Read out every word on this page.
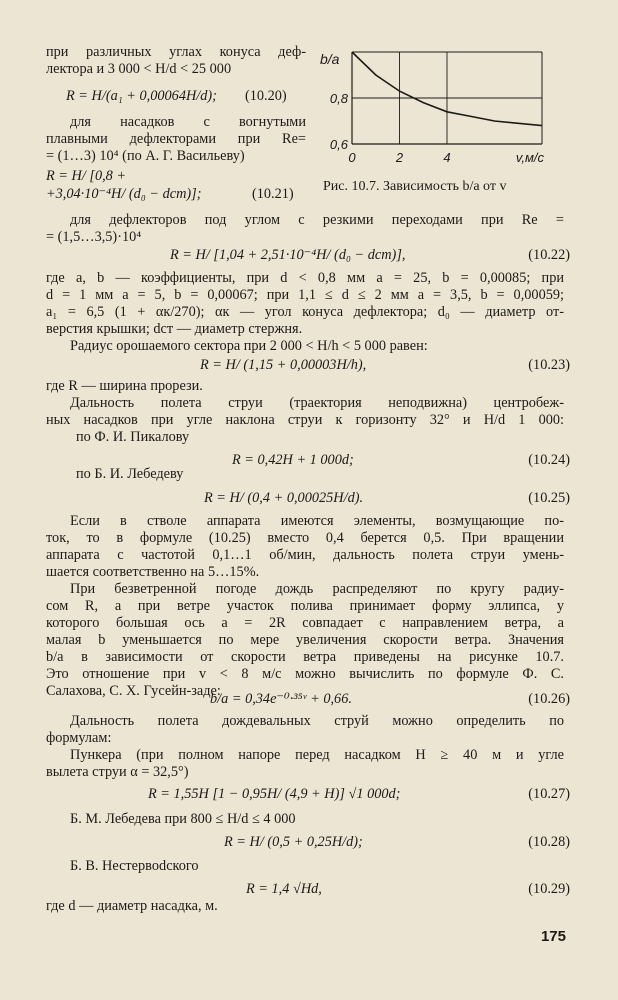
при различных углах конуса деф-
лектора и 3 000 < H/d < 25 000
R = H/(a₁ + 0,00064H/d); (10.20)
для насадков с вогнутыми
плавными дефлекторами при Re=
= (1…3) 10⁴ (по А. Г. Васильеву)
R = H/ [0,8 +
+3,04·10⁻⁴H/ (d₀ − dст)];	(10.21)
0,8
0,6
0	2	4
b/a
v,м/с
Рис. 10.7. Зависимость b/a от v
для дефлекторов под углом с резкими переходами при Re =
= (1,5…3,5)·10⁴
R = H/ [1,04 + 2,51·10⁻⁴H/ (d₀ − dст)],	(10.22)
где a, b — коэффициенты, при d < 0,8 мм a = 25, b = 0,00085; при
d = 1 мм a = 5, b = 0,00067; при 1,1 ≤ d ≤ 2 мм a = 3,5, b = 0,00059;
a₁ = 6,5 (1 + αк/270); αк — угол конуса дефлектора; d₀ — диаметр от-
верстия крышки; dст — диаметр стержня.
Радиус орошаемого сектора при 2 000 < H/h < 5 000 равен:
R = H/ (1,15 + 0,00003H/h),	(10.23)
где R — ширина прорези.
Дальность полета струи (траектория неподвижна) центробеж-
ных насадков при угле наклона струи к горизонту 32° и H/d 1 000:
по Ф. И. Пикалову
R = 0,42H + 1 000d;	(10.24)
по Б. И. Лебедеву
R = H/ (0,4 + 0,00025H/d).	(10.25)
Если в стволе аппарата имеются элементы, возмущающие по-
ток, то в формуле (10.25) вместо 0,4 берется 0,5. При вращении
аппарата с частотой 0,1…1 об/мин, дальность полета струи умень-
шается соответственно на 5…15%.
При безветренной погоде дождь распределяют по кругу радиу-
сом R, а при ветре участок полива принимает форму эллипса, у
которого большая ось a = 2R совпадает с направлением ветра, а
малая b уменьшается по мере увеличения скорости ветра. Значения
b/a в зависимости от скорости ветра приведены на рисунке 10.7.
Это отношение при v < 8 м/с можно вычислить по формуле Ф. С.
Салахова, С. Х. Гусейн-заде:
b/a = 0,34e⁻⁰·³⁵ᵛ + 0,66.	(10.26)
Дальность полета дождевальных струй можно определить по
формулам:
Пункера (при полном напоре перед насадком H ≥ 40 м и угле
вылета струи α = 32,5°)
R = 1,55H [1 − 0,95H/ (4,9 + H)] √1 000d;	(10.27)
Б. М. Лебедева при 800 ≤ H/d ≤ 4 000
R = H/ (0,5 + 0,25H/d);	(10.28)
Б. В. Нестервodского
R = 1,4 √Hd,	(10.29)
где d — диаметр насадка, м.
175
